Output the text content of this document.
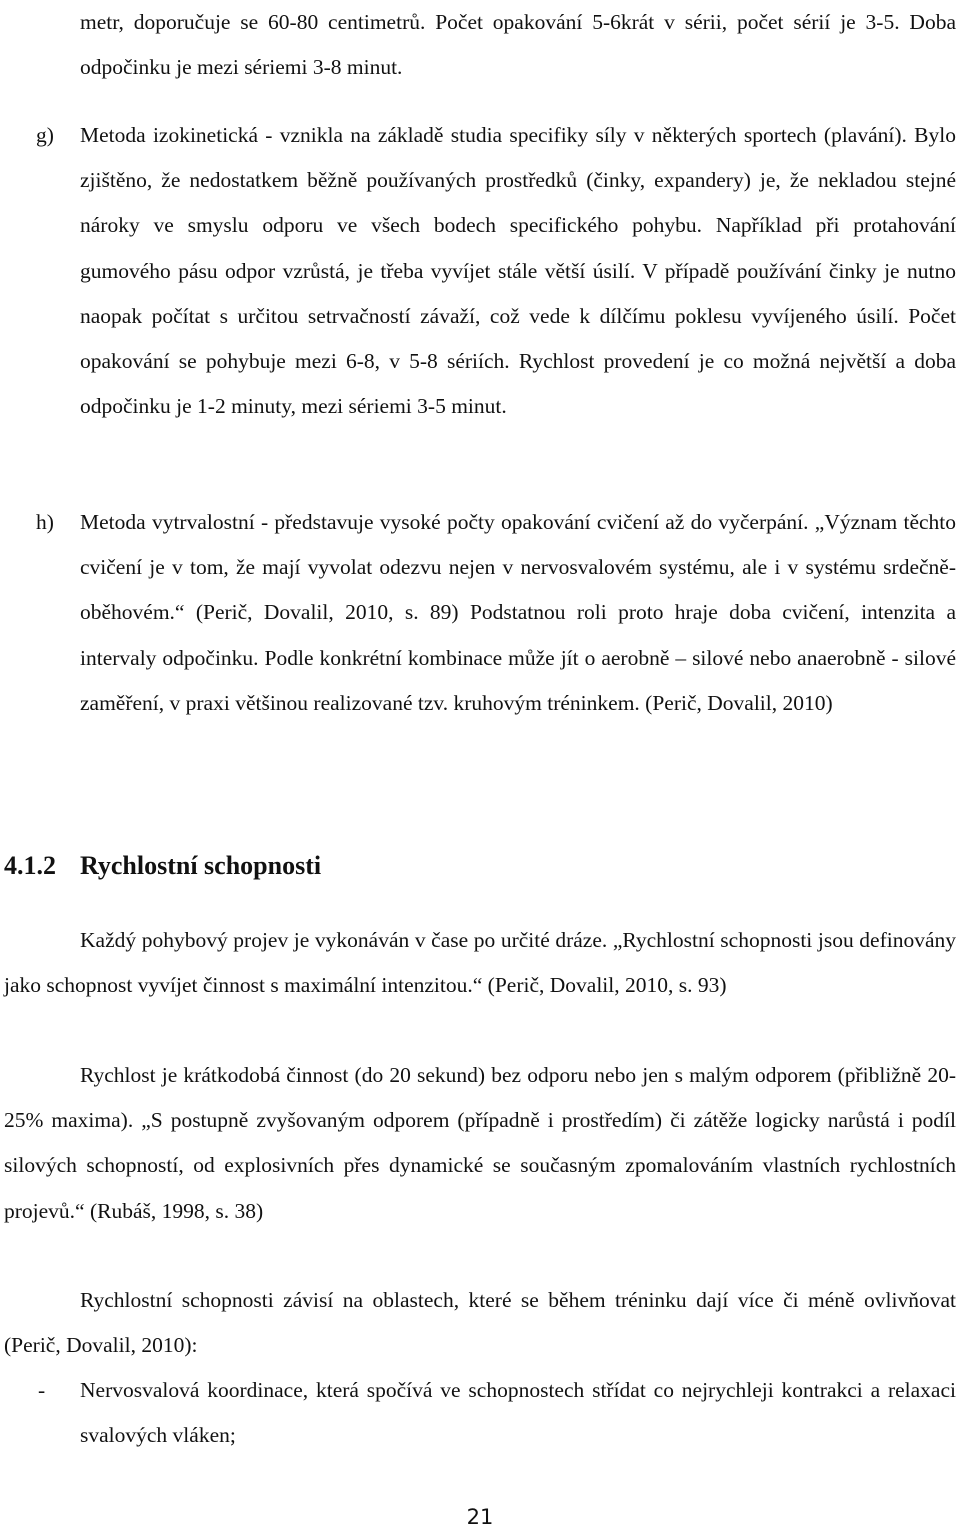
metr, doporučuje se 60-80 centimetrů. Počet opakování 5-6krát v sérii, počet sérií je 3-5. Doba odpočinku je mezi sériemi 3-8 minut.
g) Metoda izokinetická - vznikla na základě studia specifiky síly v některých sportech (plavání). Bylo zjištěno, že nedostatkem běžně používaných prostředků (činky, expandery) je, že nekladou stejné nároky ve smyslu odporu ve všech bodech specifického pohybu. Například při protahování gumového pásu odpor vzrůstá, je třeba vyvíjet stále větší úsilí. V případě používání činky je nutno naopak počítat s určitou setrvačností závaží, což vede k dílčímu poklesu vyvíjeného úsilí. Počet opakování se pohybuje mezi 6-8, v 5-8 sériích. Rychlost provedení je co možná největší a doba odpočinku je 1-2 minuty, mezi sériemi 3-5 minut.
h) Metoda vytrvalostní - představuje vysoké počty opakování cvičení až do vyčerpání. „Význam těchto cvičení je v tom, že mají vyvolat odezvu nejen v nervosvalovém systému, ale i v systému srdečně-oběhovém.“ (Perič, Dovalil, 2010, s. 89) Podstatnou roli proto hraje doba cvičení, intenzita a intervaly odpočinku. Podle konkrétní kombinace může jít o aerobně – silové nebo anaerobně - silové zaměření, v praxi většinou realizované tzv. kruhovým tréninkem. (Perič, Dovalil, 2010)
4.1.2 Rychlostní schopnosti
Každý pohybový projev je vykonáván v čase po určité dráze. „Rychlostní schopnosti jsou definovány jako schopnost vyvíjet činnost s maximální intenzitou.“ (Perič, Dovalil, 2010, s. 93)
Rychlost je krátkodobá činnost (do 20 sekund) bez odporu nebo jen s malým odporem (přibližně 20-25% maxima). „S postupně zvyšovaným odporem (případně i prostředím) či zátěže logicky narůstá i podíl silových schopností, od explosivních přes dynamické se současným zpomalováním vlastních rychlostních projevů.“ (Rubáš, 1998, s. 38)
Rychlostní schopnosti závisí na oblastech, které se během tréninku dají více či méně ovlivňovat (Perič, Dovalil, 2010):
- Nervosvalová koordinace, která spočívá ve schopnostech střídat co nejrychleji kontrakci a relaxaci svalových vláken;
21
